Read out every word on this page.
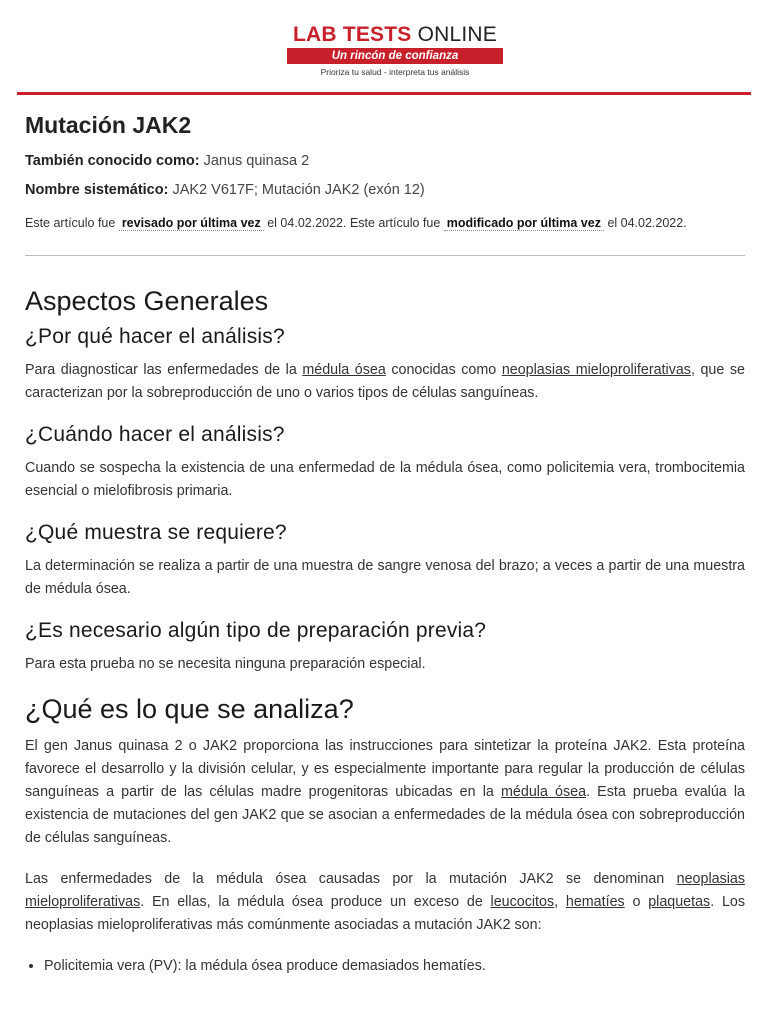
LAB TESTS ONLINE
Un rincón de confianza
Prioriza tu salud - interpreta tus análisis
Mutación JAK2
También conocido como: Janus quinasa 2
Nombre sistemático: JAK2 V617F; Mutación JAK2 (exón 12)
Este artículo fue revisado por última vez el 04.02.2022. Este artículo fue modificado por última vez el 04.02.2022.
Aspectos Generales
¿Por qué hacer el análisis?

Para diagnosticar las enfermedades de la médula ósea conocidas como neoplasias mieloproliferativas, que se caracterizan por la sobreproducción de uno o varios tipos de células sanguíneas.

¿Cuándo hacer el análisis?

Cuando se sospecha la existencia de una enfermedad de la médula ósea, como policitemia vera, trombocitemia esencial o mielofibrosis primaria.

¿Qué muestra se requiere?

La determinación se realiza a partir de una muestra de sangre venosa del brazo; a veces a partir de una muestra de médula ósea.

¿Es necesario algún tipo de preparación previa?

Para esta prueba no se necesita ninguna preparación especial.

¿Qué es lo que se analiza?

El gen Janus quinasa 2 o JAK2 proporciona las instrucciones para sintetizar la proteína JAK2. Esta proteína favorece el desarrollo y la división celular, y es especialmente importante para regular la producción de células sanguíneas a partir de las células madre progenitoras ubicadas en la médula ósea. Esta prueba evalúa la existencia de mutaciones del gen JAK2 que se asocian a enfermedades de la médula ósea con sobreproducción de células sanguíneas.

Las enfermedades de la médula ósea causadas por la mutación JAK2 se denominan neoplasias mieloproliferativas. En ellas, la médula ósea produce un exceso de leucocitos, hematíes o plaquetas. Los neoplasias mieloproliferativas más comúnmente asociadas a mutación JAK2 son:

• Policitemia vera (PV): la médula ósea produce demasiados hematíes.
